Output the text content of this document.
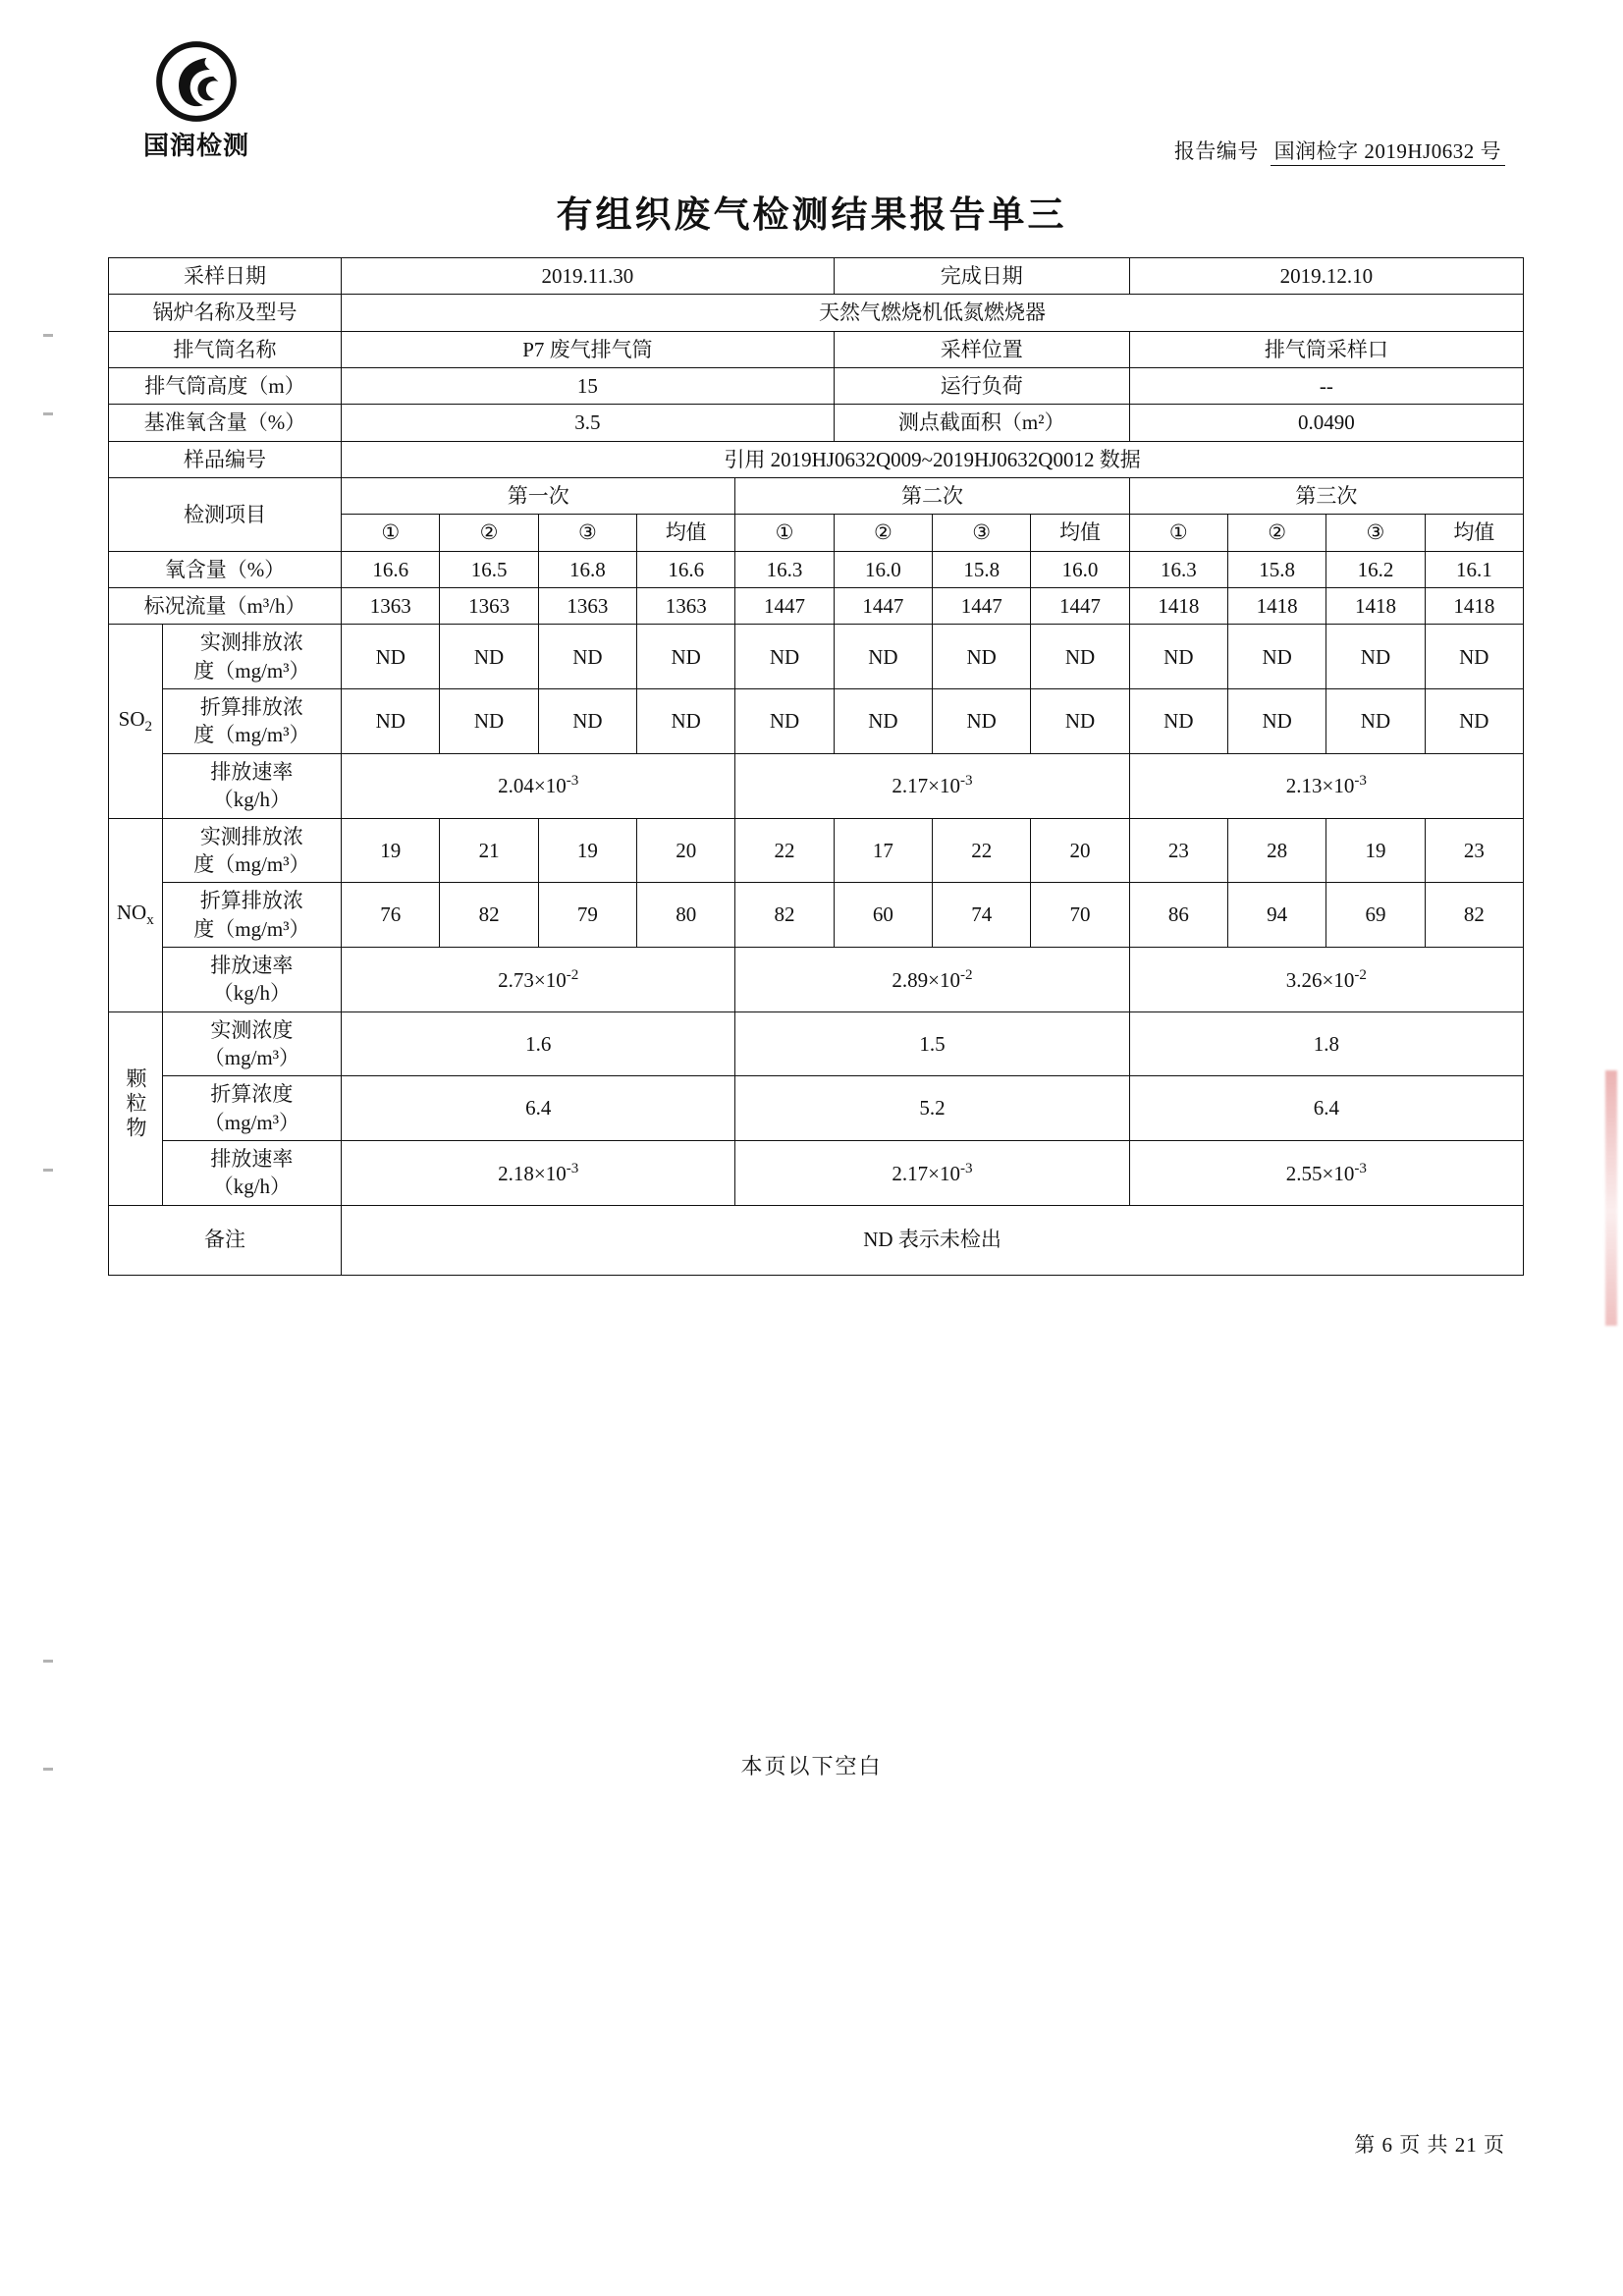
国润检测	报告编号 国润检字 2019HJ0632 号
有组织废气检测结果报告单三
采样日期		2019.11.30					完成日期			2019.12.10			
锅炉名称及型号		天然气燃烧机低氮燃烧器											
排气筒名称		P7 废气排气筒					采样位置			排气筒采样口			
排气筒高度（m）		15					运行负荷			--			
基准氧含量（%）		3.5					测点截面积（m²）			0.0490			
样品编号		引用 2019HJ0632Q009~2019HJ0632Q0012 数据											
检测项目		第一次				第二次				第三次			
		①	②	③	均值	①	②	③	均值	①	②	③	均值
氧含量（%）		16.6	16.5	16.8	16.6	16.3	16.0	15.8	16.0	16.3	15.8	16.2	16.1
标况流量（m³/h）		1363	1363	1363	1363	1447	1447	1447	1447	1418	1418	1418	1418
$SO_2$	实测排放浓
度（mg/m³）	ND	ND	ND	ND	ND	ND	ND	ND	ND	ND	ND	ND
	折算排放浓
度（mg/m³）	ND	ND	ND	ND	ND	ND	ND	ND	ND	ND	ND	ND
	排放速率
（kg/h）	$2.04\times 10^{-3}$				$2.17\times 10^{-3}$				$2.13\times 10^{-3}$
$NO_x$	实测排放浓
度（mg/m³）	19	21	19	20	22	17	22	20	23	28	19	23
	折算排放浓
度（mg/m³）	76	82	79	80	82	60	74	70	86	94	69	82
	排放速率
（kg/h）	$2.73\times 10^{-2}$				$2.89\times 10^{-2}$				$3.26\times 10^{-2}$
颗粒物	实测浓度
（mg/m³）	1.6				1.5				1.8			
	折算浓度
（mg/m³）	6.4				5.2				6.4			
	排放速率
（kg/h）	$2.18\times 10^{-3}$				$2.17\times 10^{-3}$				$2.55\times 10^{-3}$
备注		ND 表示未检出											
本页以下空白
第 6 页 共 21 页
